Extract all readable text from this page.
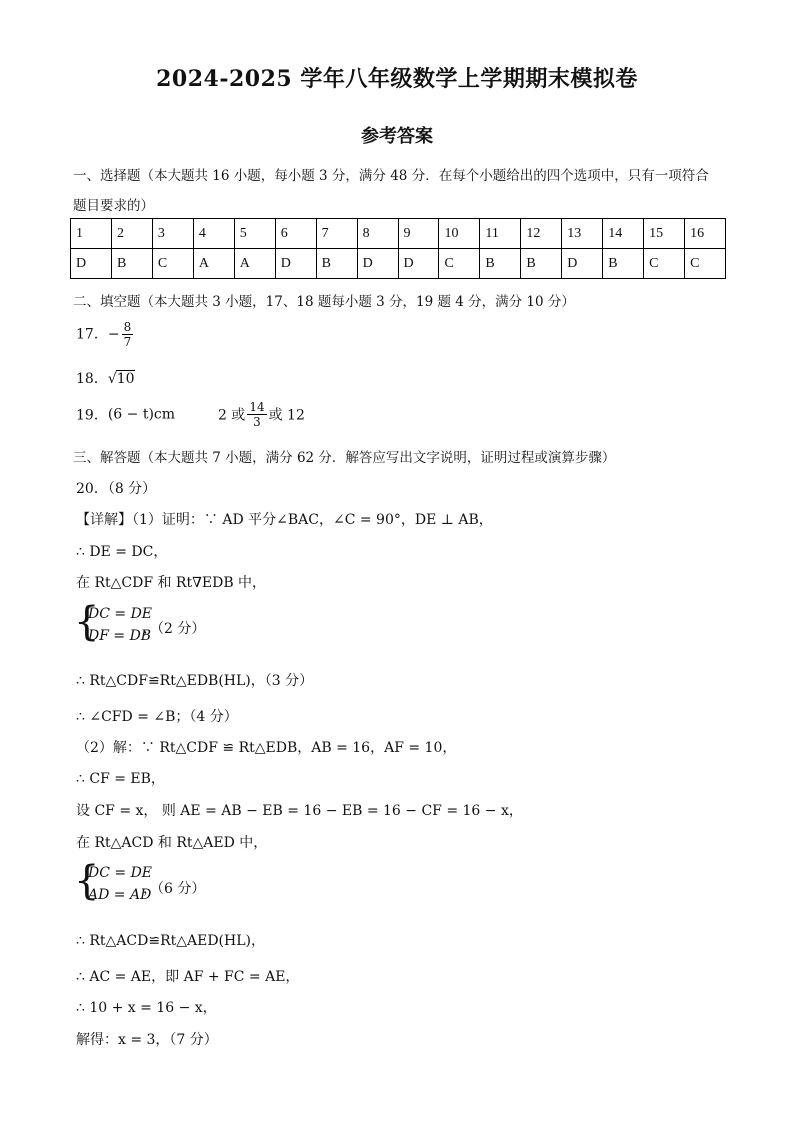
2024-2025 学年八年级数学上学期期末模拟卷
参考答案
一、选择题（本大题共 16 小题，每小题 3 分，满分 48 分．在每个小题给出的四个选项中，只有一项符合
题目要求的）
1	2	3	4	5	6	7	8	9	10	11	12	13	14	15	16
D	B	C	A	A	D	B	D	D	C	B	B	D	B	C	C
二、填空题（本大题共 3 小题，17、18 题每小题 3 分，19 题 4 分，满分 10 分）
17．− $\frac{8}{7}$
18．√10
19．(6 − t)cm	2 或 $\frac{14}{3}$ 或 12
三、解答题（本大题共 7 小题，满分 62 分．解答应写出文字说明，证明过程或演算步骤）
20．（8 分）
【详解】（1）证明：∵ AD 平分∠BAC，∠C = 90°，DE ⊥ AB，
∴ DE = DC，
在 Rt△CDF 和 Rt∇EDB 中，
{
DC = DE
DF = DB
，（2 分）
∴ Rt△CDF≌Rt△EDB(HL)，（3 分）
∴ ∠CFD = ∠B；（4 分）
（2）解：∵ Rt△CDF ≌ Rt△EDB，AB = 16，AF = 10，
∴ CF = EB，
设 CF = x， 则 AE = AB − EB = 16 − EB = 16 − CF = 16 − x，
在 Rt△ACD 和 Rt△AED 中，
{
DC = DE
AD = AD
，（6 分）
∴ Rt△ACD≌Rt△AED(HL)，
∴ AC = AE，即 AF + FC = AE，
∴ 10 + x = 16 − x，
解得：x = 3，（7 分）
